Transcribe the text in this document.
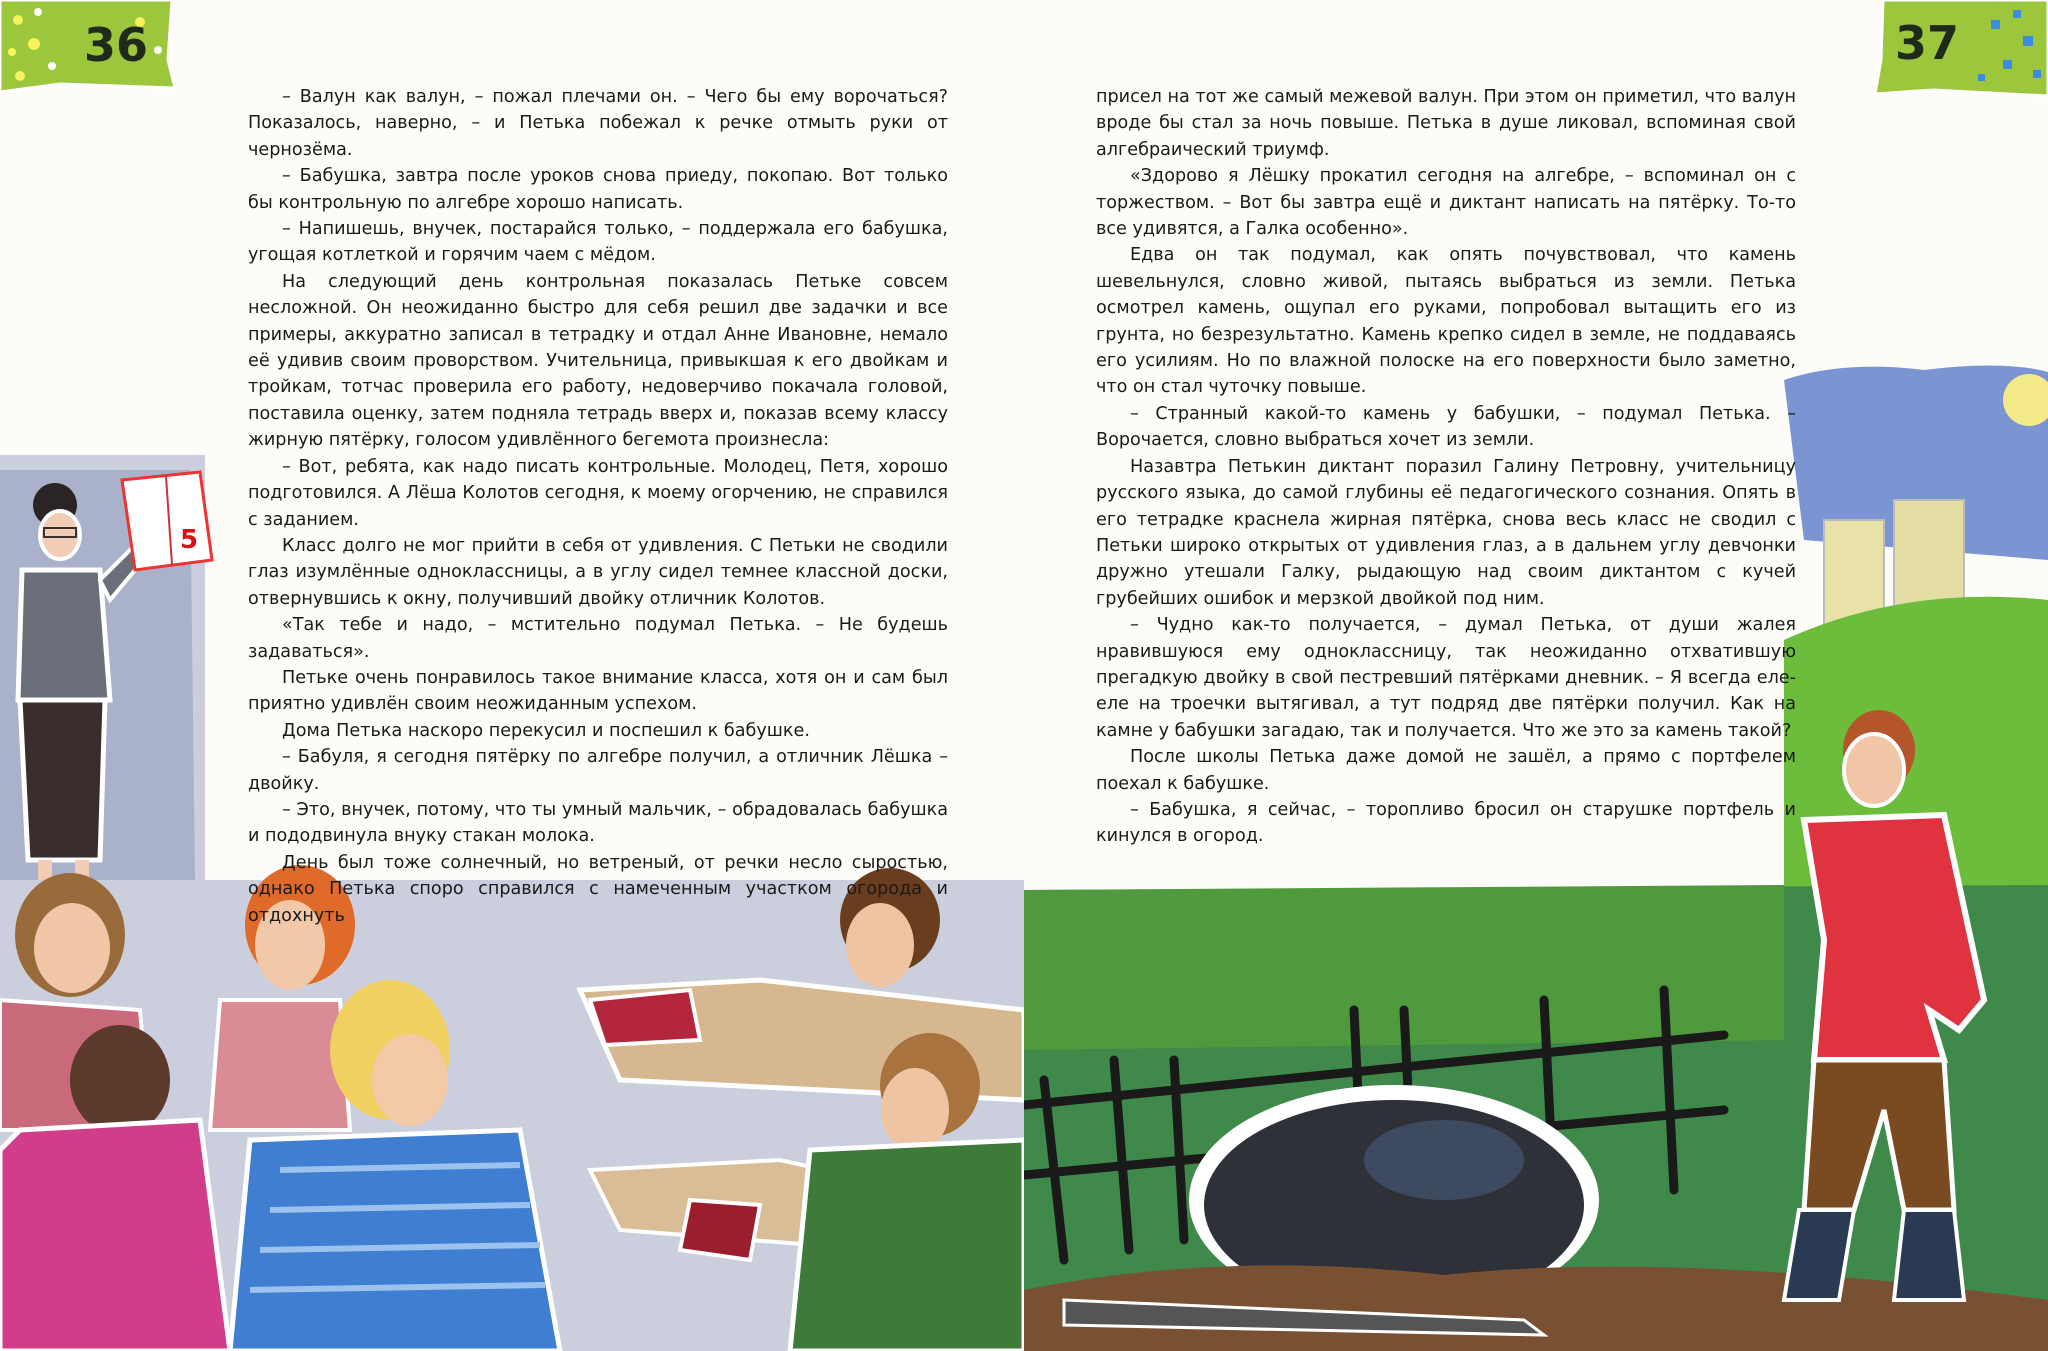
5
36

– Валун как валун, – пожал плечами он. – Чего бы ему ворочаться? Показалось, наверно, – и Петька побежал к речке отмыть руки от чернозёма.

– Бабушка, завтра после уроков снова приеду, покопаю. Вот только бы контрольную по алгебре хорошо написать.

– Напишешь, внучек, постарайся только, – поддержала его бабушка, угощая котлеткой и горячим чаем с мёдом.

На следующий день контрольная показалась Петьке совсем несложной. Он неожиданно быстро для себя решил две задачки и все примеры, аккуратно записал в тетрадку и отдал Анне Ивановне, немало её удивив своим проворством. Учительница, привыкшая к его двойкам и тройкам, тотчас проверила его работу, недоверчиво покачала головой, поставила оценку, затем подняла тетрадь вверх и, показав всему классу жирную пятёрку, голосом удивлённого бегемота произнесла:

– Вот, ребята, как надо писать контрольные. Молодец, Петя, хорошо подготовился. А Лёша Колотов сегодня, к моему огорчению, не справился с заданием.

Класс долго не мог прийти в себя от удивления. С Петьки не сводили глаз изумлённые одноклассницы, а в углу сидел темнее классной доски, отвернувшись к окну, получивший двойку отличник Колотов.

«Так тебе и надо, – мстительно подумал Петька. – Не будешь задаваться».

Петьке очень понравилось такое внимание класса, хотя он и сам был приятно удивлён своим неожиданным успехом.

Дома Петька наскоро перекусил и поспешил к бабушке.

– Бабуля, я сегодня пятёрку по алгебре получил, а отличник Лёшка – двойку.

– Это, внучек, потому, что ты умный мальчик, – обрадовалась бабушка и пододвинула внуку стакан молока.

День был тоже солнечный, но ветреный, от речки несло сыростью, однако Петька споро справился с намеченным участком огорода и отдохнуть

37

присел на тот же самый межевой валун. При этом он приметил, что валун вроде бы стал за ночь повыше. Петька в душе ликовал, вспоминая свой алгебраический триумф.

«Здорово я Лёшку прокатил сегодня на алгебре, – вспоминал он с торжеством. – Вот бы завтра ещё и диктант написать на пятёрку. То-то все удивятся, а Галка особенно».

Едва он так подумал, как опять почувствовал, что камень шевельнулся, словно живой, пытаясь выбраться из земли. Петька осмотрел камень, ощупал его руками, попробовал вытащить его из грунта, но безрезультатно. Камень крепко сидел в земле, не поддаваясь его усилиям. Но по влажной полоске на его поверхности было заметно, что он стал чуточку повыше.

– Странный какой-то камень у бабушки, – подумал Петька. – Ворочается, словно выбраться хочет из земли.

Назавтра Петькин диктант поразил Галину Петровну, учительницу русского языка, до самой глубины её педагогического сознания. Опять в его тетрадке краснела жирная пятёрка, снова весь класс не сводил с Петьки широко открытых от удивления глаз, а в дальнем углу девчонки дружно утешали Галку, рыдающую над своим диктантом с кучей грубейших ошибок и мерзкой двойкой под ним.

– Чудно как-то получается, – думал Петька, от души жалея нравившуюся ему одноклассницу, так неожиданно отхватившую прегадкую двойку в свой пестревший пятёрками дневник. – Я всегда еле-еле на троечки вытягивал, а тут подряд две пятёрки получил. Как на камне у бабушки загадаю, так и получается. Что же это за камень такой?

После школы Петька даже домой не зашёл, а прямо с портфелем поехал к бабушке.

– Бабушка, я сейчас, – торопливо бросил он старушке портфель и кинулся в огород.
